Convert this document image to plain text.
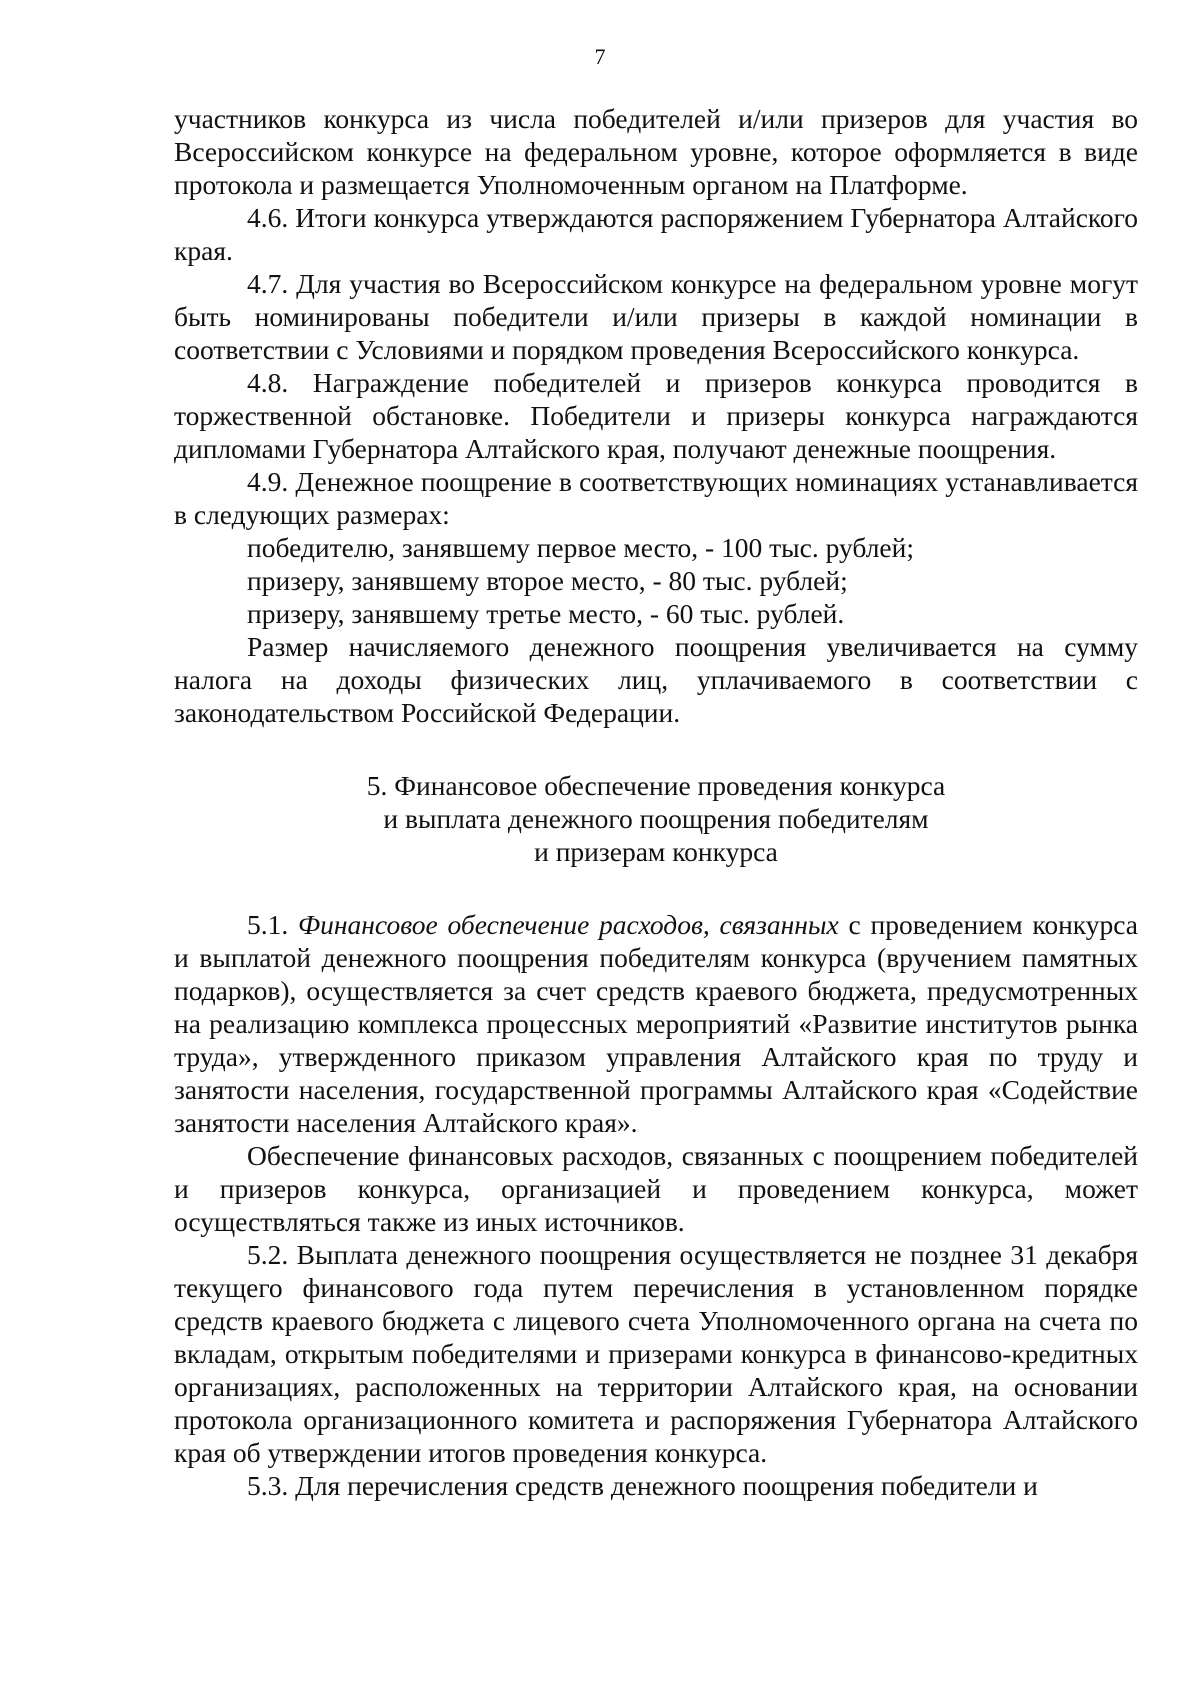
7

участников конкурса из числа победителей и/или призеров для участия во Всероссийском конкурсе на федеральном уровне, которое оформляется в виде протокола и размещается Уполномоченным органом на Платформе.

4.6. Итоги конкурса утверждаются распоряжением Губернатора Алтайского края.

4.7. Для участия во Всероссийском конкурсе на федеральном уровне могут быть номинированы победители и/или призеры в каждой номинации в соответствии с Условиями и порядком проведения Всероссийского конкурса.

4.8. Награждение победителей и призеров конкурса проводится в торжественной обстановке. Победители и призеры конкурса награждаются дипломами Губернатора Алтайского края, получают денежные поощрения.

4.9. Денежное поощрение в соответствующих номинациях устанавливается в следующих размерах:

победителю, занявшему первое место, - 100 тыс. рублей;

призеру, занявшему второе место, - 80 тыс. рублей;

призеру, занявшему третье место, - 60 тыс. рублей.

Размер начисляемого денежного поощрения увеличивается на сумму налога на доходы физических лиц, уплачиваемого в соответствии с законодательством Российской Федерации.

5. Финансовое обеспечение проведения конкурса
и выплата денежного поощрения победителям
и призерам конкурса

5.1. Финансовое обеспечение расходов, связанных с проведением конкурса и выплатой денежного поощрения победителям конкурса (вручением памятных подарков), осуществляется за счет средств краевого бюджета, предусмотренных на реализацию комплекса процессных мероприятий «Развитие институтов рынка труда», утвержденного приказом управления Алтайского края по труду и занятости населения, государственной программы Алтайского края «Содействие занятости населения Алтайского края».

Обеспечение финансовых расходов, связанных с поощрением победителей и призеров конкурса, организацией и проведением конкурса, может осуществляться также из иных источников.

5.2. Выплата денежного поощрения осуществляется не позднее 31 декабря текущего финансового года путем перечисления в установленном порядке средств краевого бюджета с лицевого счета Уполномоченного органа на счета по вкладам, открытым победителями и призерами конкурса в финансово-кредитных организациях, расположенных на территории Алтайского края, на основании протокола организационного комитета и распоряжения Губернатора Алтайского края об утверждении итогов проведения конкурса.

5.3. Для перечисления средств денежного поощрения победители и
